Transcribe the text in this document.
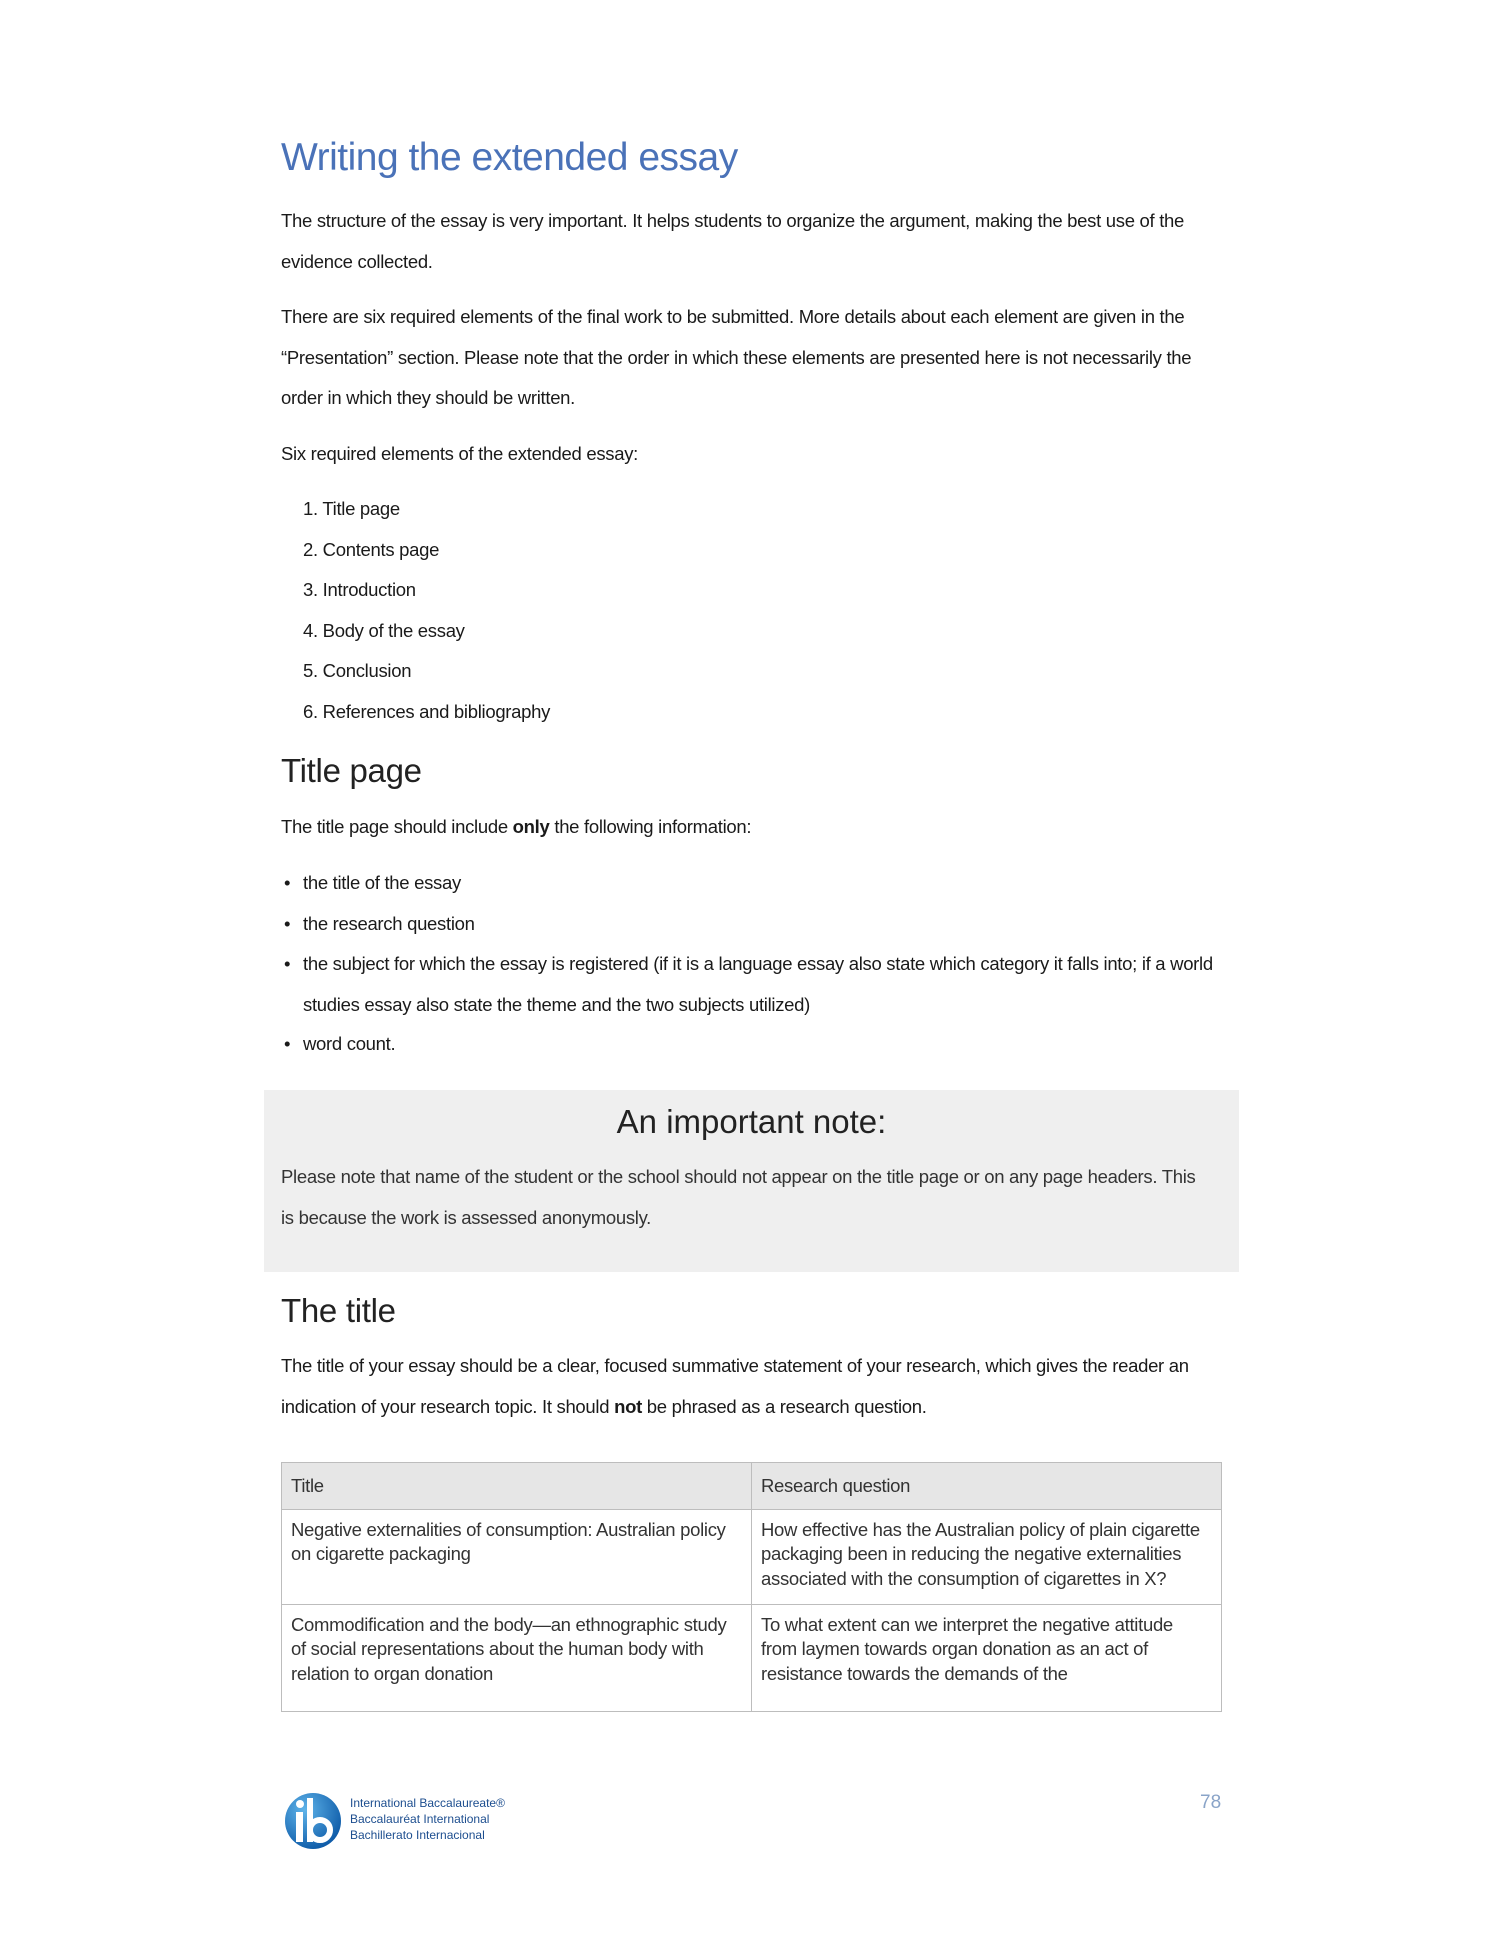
Writing the extended essay
The structure of the essay is very important. It helps students to organize the argument, making the best use of the evidence collected.
There are six required elements of the final work to be submitted. More details about each element are given in the “Presentation” section. Please note that the order in which these elements are presented here is not necessarily the order in which they should be written.
Six required elements of the extended essay:
1. Title page
2. Contents page
3. Introduction
4. Body of the essay
5. Conclusion
6. References and bibliography
Title page
The title page should include only the following information:
• the title of the essay
• the research question
• the subject for which the essay is registered (if it is a language essay also state which category it falls into; if a world studies essay also state the theme and the two subjects utilized)
• word count.
An important note:
Please note that name of the student or the school should not appear on the title page or on any page headers. This is because the work is assessed anonymously.
The title
The title of your essay should be a clear, focused summative statement of your research, which gives the reader an indication of your research topic. It should not be phrased as a research question.
Title	Research question
Negative externalities of consumption: Australian policy on cigarette packaging	How effective has the Australian policy of plain cigarette packaging been in reducing the negative externalities associated with the consumption of cigarettes in X?
Commodification and the body—an ethnographic study of social representations about the human body with relation to organ donation	To what extent can we interpret the negative attitude from laymen towards organ donation as an act of resistance towards the demands of the
International Baccalaureate®
Baccalauréat International
Bachillerato Internacional
78
